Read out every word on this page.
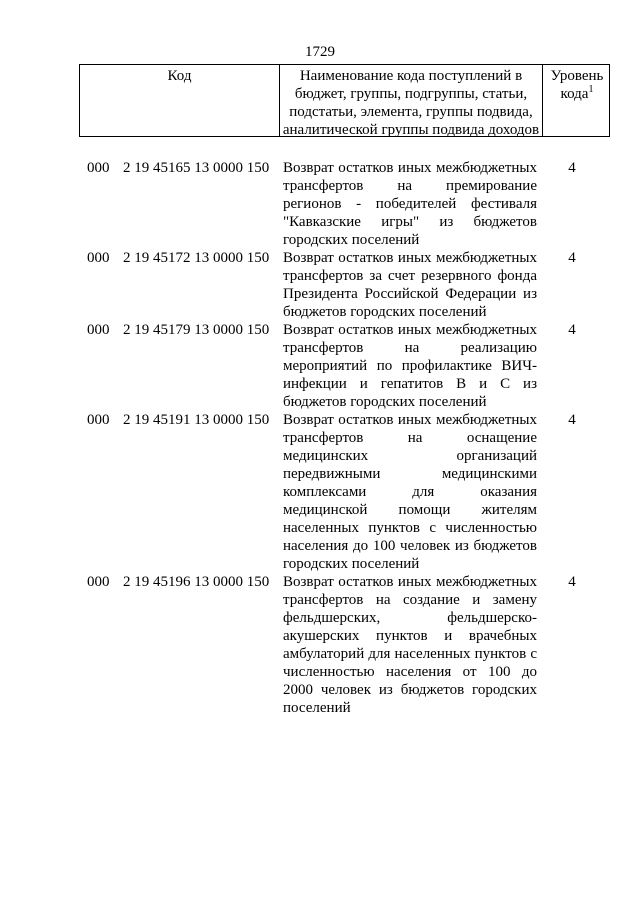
1729
Код	Наименование кода поступлений в бюджет, группы, подгруппы, статьи, подстатьи, элемента, группы подвида, аналитической группы подвида доходов
Уровень кода$^1$
000 2 19 45165 13 0000 150 Возврат остатков иных межбюджетных трансфертов на премирование регионов - победителей фестиваля "Кавказские игры" из бюджетов городских поселений
4
000 2 19 45172 13 0000 150 Возврат остатков иных межбюджетных трансфертов за счет резервного фонда Президента Российской Федерации из бюджетов городских поселений
4
000 2 19 45179 13 0000 150 Возврат остатков иных межбюджетных трансфертов на реализацию мероприятий по профилактике ВИЧ-инфекции и гепатитов B и C из бюджетов городских поселений
4
000 2 19 45191 13 0000 150 Возврат остатков иных межбюджетных трансфертов на оснащение медицинских организаций передвижными медицинскими комплексами для оказания медицинской помощи жителям населенных пунктов с численностью населения до 100 человек из бюджетов городских поселений
4
000 2 19 45196 13 0000 150 Возврат остатков иных межбюджетных трансфертов на создание и замену фельдшерских, фельдшерско-акушерских пунктов и врачебных амбулаторий для населенных пунктов с численностью населения от 100 до 2000 человек из бюджетов городских поселений
4
